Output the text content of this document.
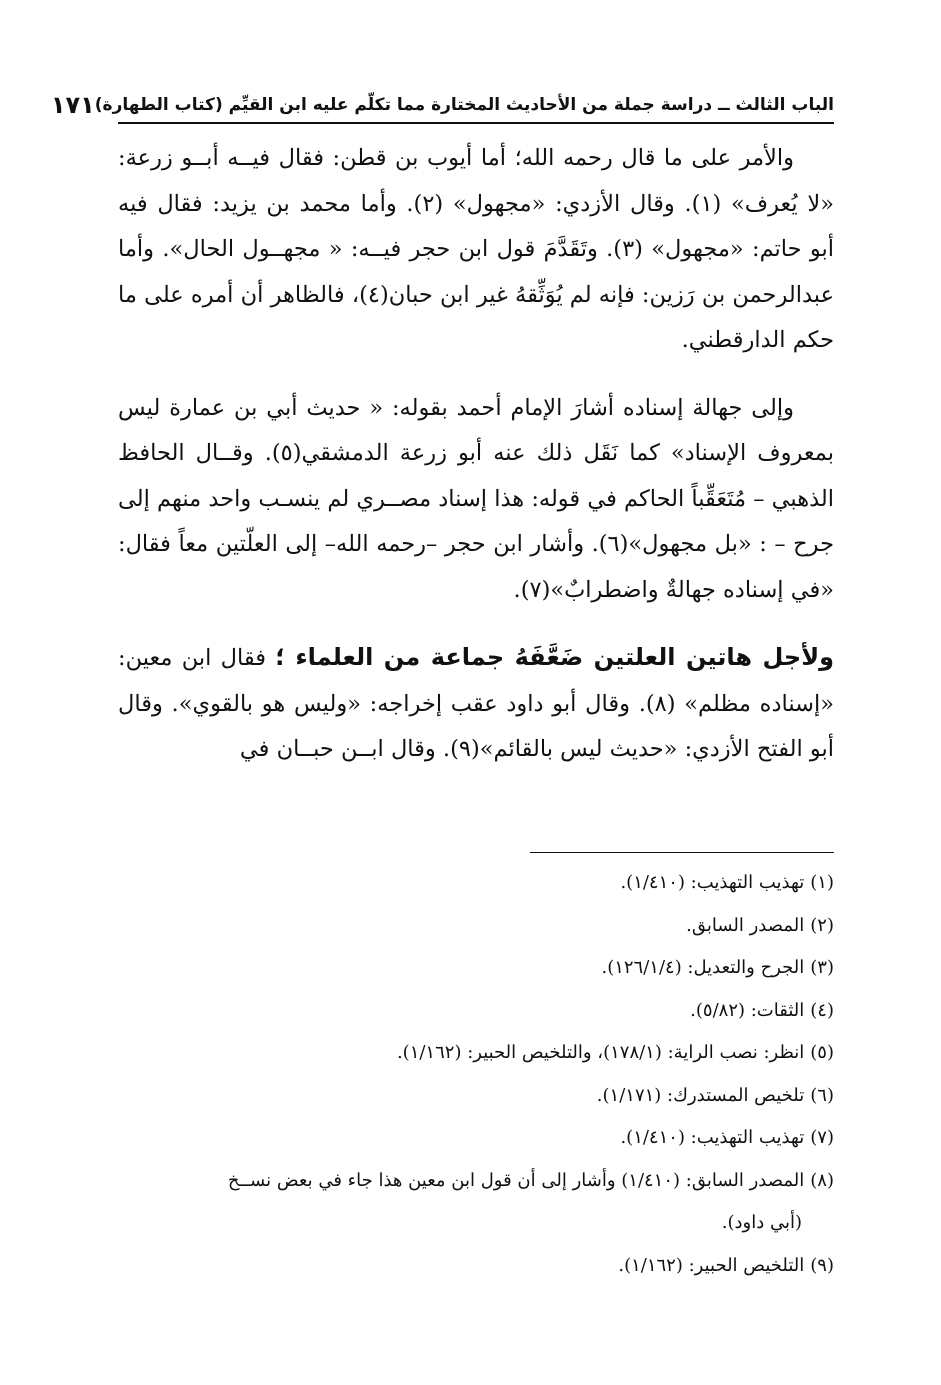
الباب الثالث ــ دراسة جملة من الأحاديث المختارة مما تكلّم عليه ابن القيِّم (كتاب الطهارة)
١٧١

والأمر على ما قال رحمه الله؛ أما أيوب بن قطن: فقال فيــه أبــو زرعة: «لا يُعرف» (١). وقال الأزدي: «مجهول» (٢). وأما محمد بن يزيد: فقال فيه أبو حاتم: «مجهول» (٣). وتَقَدَّمَ قول ابن حجر فيــه: « مجهــول الحال». وأما عبدالرحمن بن رَزين: فإنه لم يُوَثِّقهُ غير ابن حبان(٤)، فالظاهر أن أمره على ما حكم الدارقطني.

وإلى جهالة إسناده أشارَ الإمام أحمد بقوله: « حديث أبي بن عمارة ليس بمعروف الإسناد» كما نَقَل ذلك عنه أبو زرعة الدمشقي(٥). وقــال الحافظ الذهبي – مُتَعَقِّباً الحاكم في قوله: هذا إسناد مصــري لم ينسـب واحد منهم إلى جرح – : «بل مجهول»(٦). وأشار ابن حجر –رحمه الله– إلى العلّتين معاً فقال: «في إسناده جهالةٌ واضطرابٌ»(٧).

ولأجل هاتين العلتين ضَعَّفَهُ جماعة من العلماء ؛ فقال ابن معين: «إسناده مظلم» (٨). وقال أبو داود عقب إخراجه: «وليس هو بالقوي». وقال أبو الفتح الأزدي: «حديث ليس بالقائم»(٩). وقال ابــن حبــان في

(١)تهذيب التهذيب: (١/٤١٠).

(٢)المصدر السابق.

(٣)الجرح والتعديل: (١٢٦/١/٤).

(٤)الثقات: (٥/٨٢).

(٥)انظر: نصب الراية: (١٧٨/١)، والتلخيص الحبير: (١/١٦٢).

(٦)تلخيص المستدرك: (١/١٧١).

(٧)تهذيب التهذيب: (١/٤١٠).

(٨)المصدر السابق: (١/٤١٠) وأشار إلى أن قول ابن معين هذا جاء في بعض نســخ

(أبي داود).

(٩)التلخيص الحبير: (١/١٦٢).
